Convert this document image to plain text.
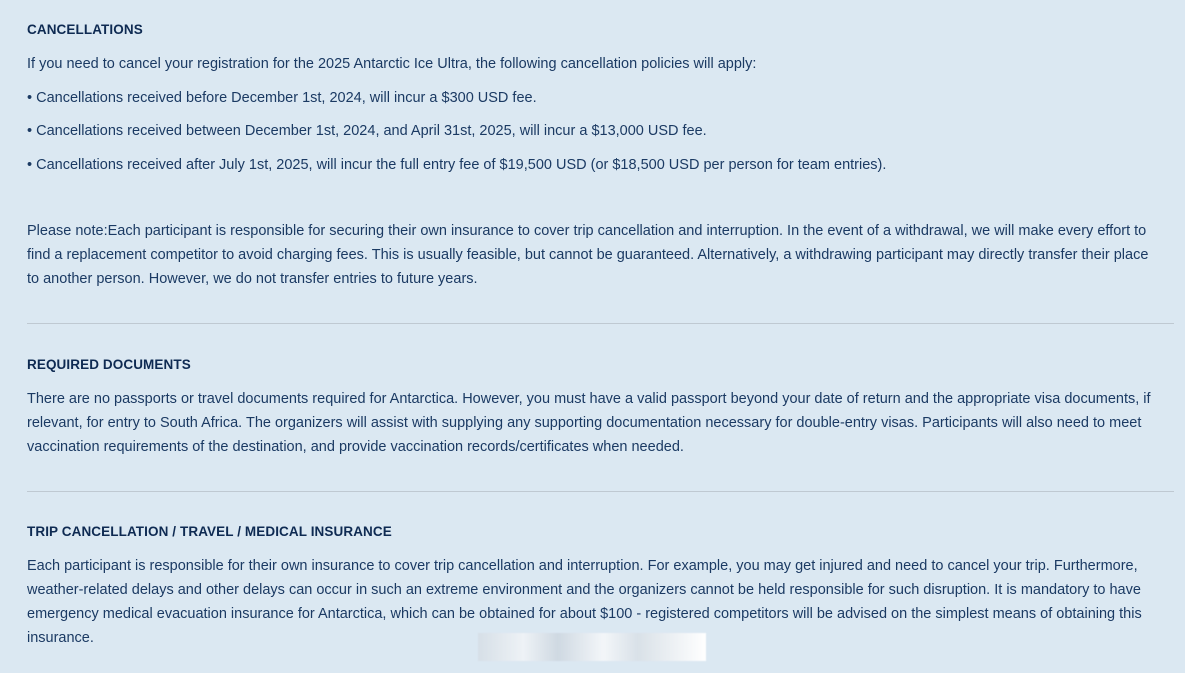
CANCELLATIONS

If you need to cancel your registration for the 2025 Antarctic Ice Ultra, the following cancellation policies will apply:

• Cancellations received before December 1st, 2024, will incur a $300 USD fee.

• Cancellations received between December 1st, 2024, and April 31st, 2025, will incur a $13,000 USD fee.

• Cancellations received after July 1st, 2025, will incur the full entry fee of $19,500 USD (or $18,500 USD per person for team entries).

Please note:Each participant is responsible for securing their own insurance to cover trip cancellation and interruption. In the event of a withdrawal, we will make every effort to find a replacement competitor to avoid charging fees. This is usually feasible, but cannot be guaranteed. Alternatively, a withdrawing participant may directly transfer their place to another person. However, we do not transfer entries to future years.

REQUIRED DOCUMENTS

There are no passports or travel documents required for Antarctica. However, you must have a valid passport beyond your date of return and the appropriate visa documents, if relevant, for entry to South Africa. The organizers will assist with supplying any supporting documentation necessary for double-entry visas. Participants will also need to meet vaccination requirements of the destination, and provide vaccination records/certificates when needed.

TRIP CANCELLATION / TRAVEL / MEDICAL INSURANCE

Each participant is responsible for their own insurance to cover trip cancellation and interruption. For example, you may get injured and need to cancel your trip. Furthermore, weather-related delays and other delays can occur in such an extreme environment and the organizers cannot be held responsible for such disruption. It is mandatory to have emergency medical evacuation insurance for Antarctica, which can be obtained for about $100 - registered competitors will be advised on the simplest means of obtaining this insurance.
